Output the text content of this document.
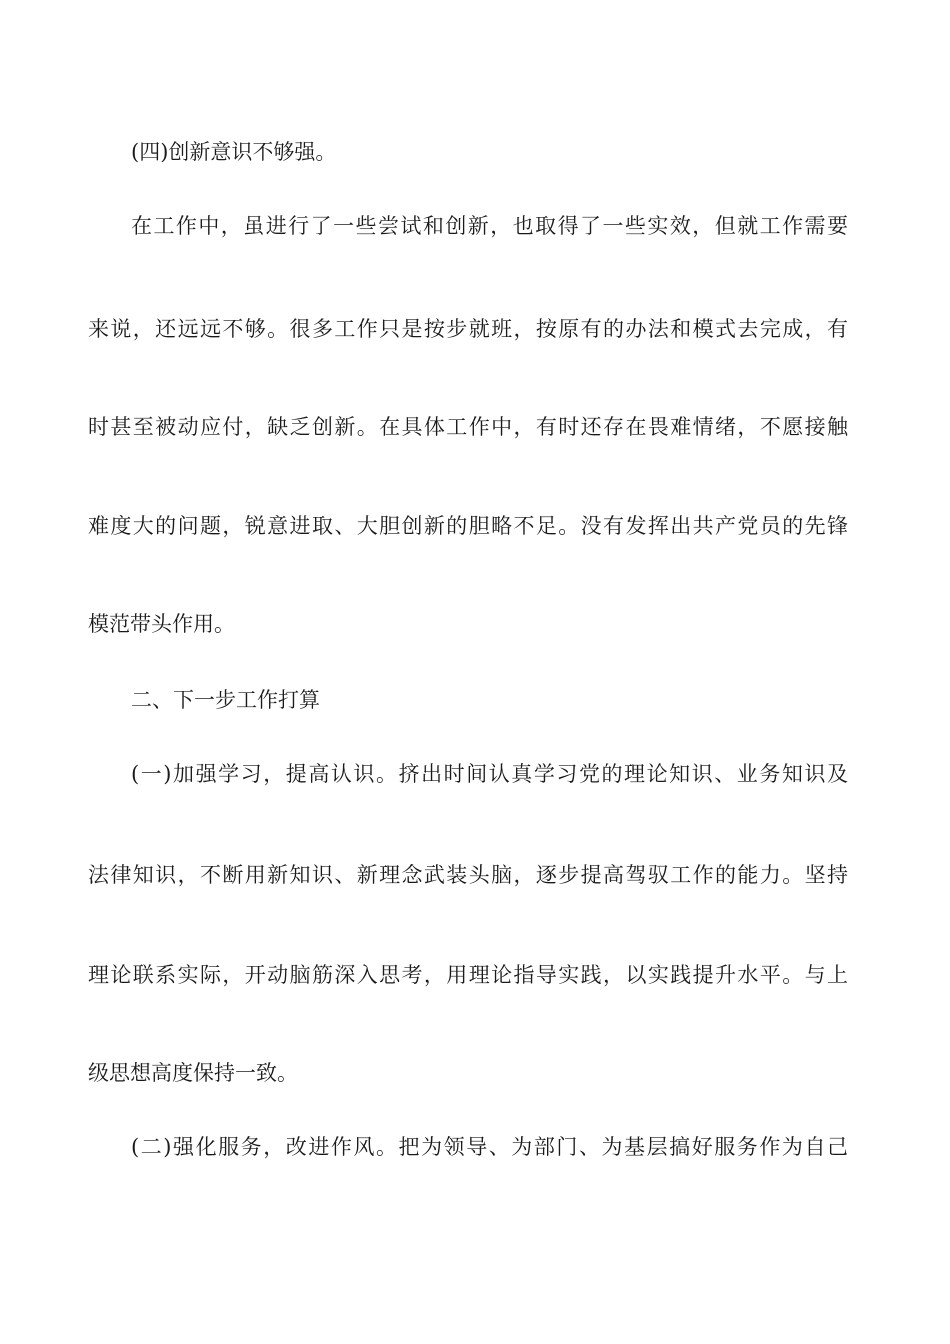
(四)创新意识不够强。
在工作中，虽进行了一些尝试和创新，也取得了一些实效，但就工作需要
来说，还远远不够。很多工作只是按步就班，按原有的办法和模式去完成，有
时甚至被动应付，缺乏创新。在具体工作中，有时还存在畏难情绪，不愿接触
难度大的问题，锐意进取、大胆创新的胆略不足。没有发挥出共产党员的先锋
模范带头作用。
二、下一步工作打算
(一)加强学习，提高认识。挤出时间认真学习党的理论知识、业务知识及
法律知识，不断用新知识、新理念武装头脑，逐步提高驾驭工作的能力。坚持
理论联系实际，开动脑筋深入思考，用理论指导实践，以实践提升水平。与上
级思想高度保持一致。
(二)强化服务，改进作风。把为领导、为部门、为基层搞好服务作为自己
